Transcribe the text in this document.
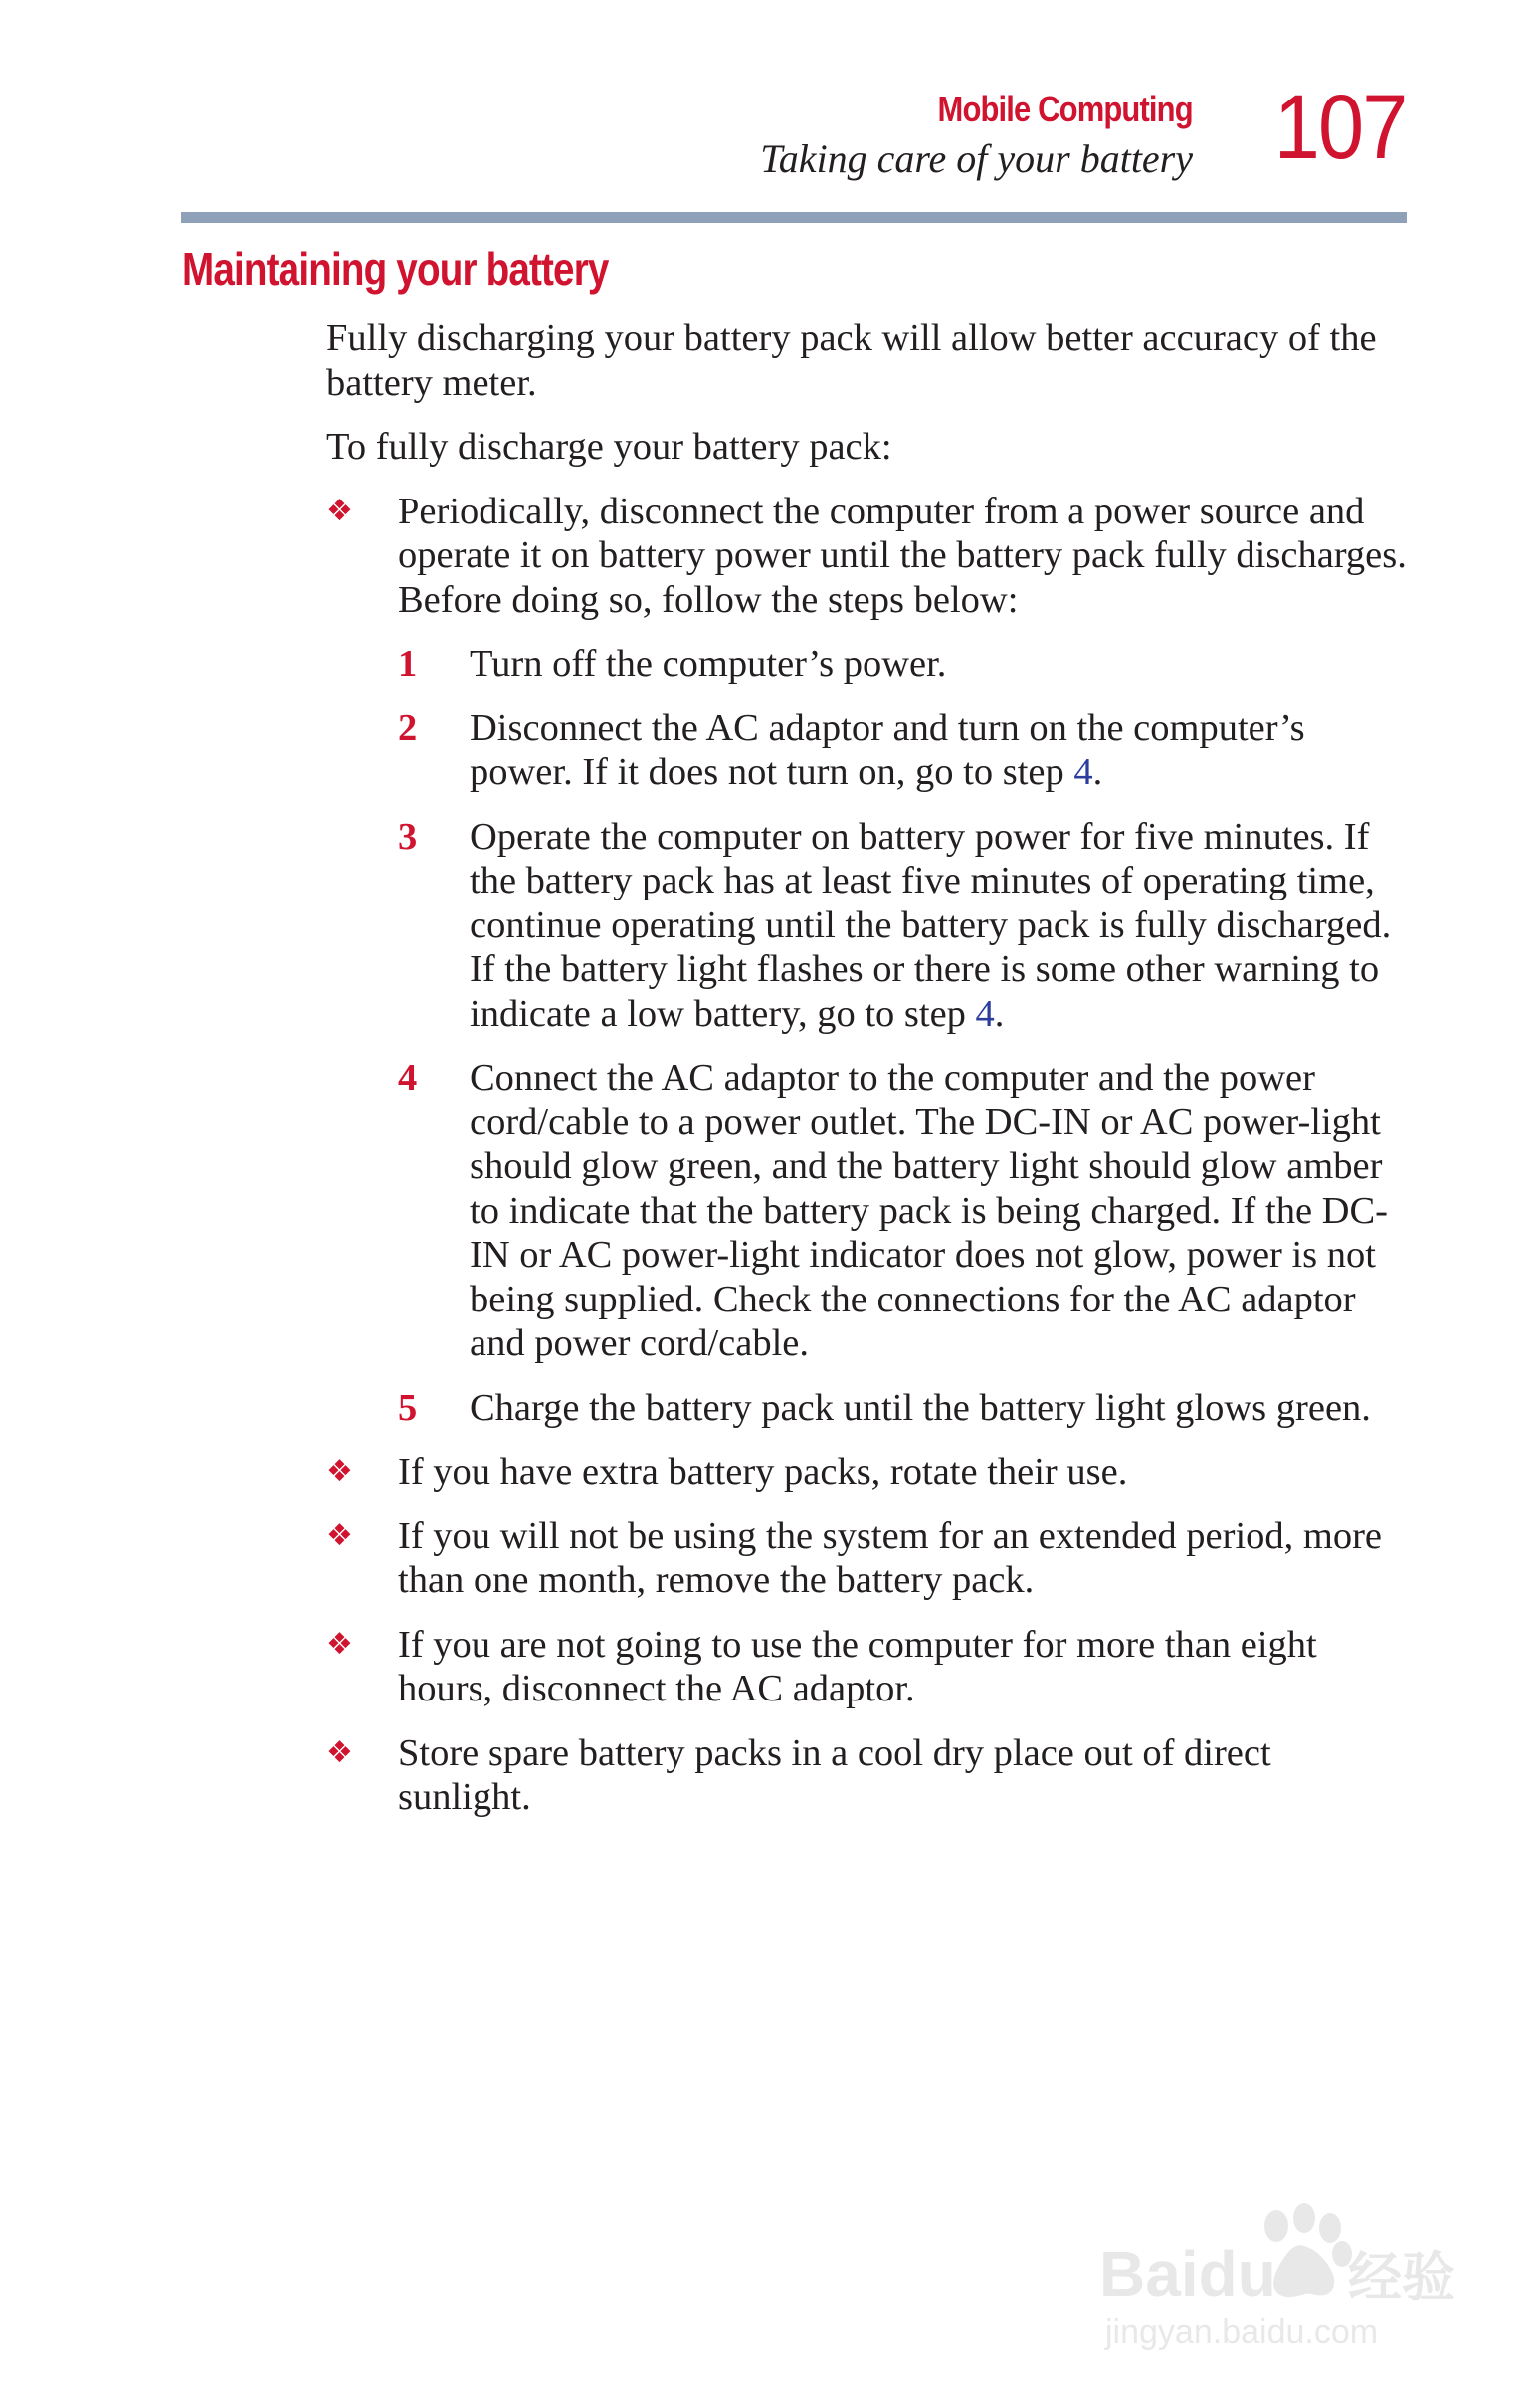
Mobile Computing
Taking care of your battery 107
Maintaining your battery

Fully discharging your battery pack will allow better accuracy of the battery meter.

To fully discharge your battery pack:

❖ Periodically, disconnect the computer from a power source and operate it on battery power until the battery pack fully discharges. Before doing so, follow the steps below:
1 Turn off the computer’s power.
2 Disconnect the AC adaptor and turn on the computer’s power. If it does not turn on, go to step 4.
3 Operate the computer on battery power for five minutes. If the battery pack has at least five minutes of operating time, continue operating until the battery pack is fully discharged. If the battery light flashes or there is some other warning to indicate a low battery, go to step 4.
4 Connect the AC adaptor to the computer and the power cord/cable to a power outlet. The DC-IN or AC power-light should glow green, and the battery light should glow amber to indicate that the battery pack is being charged. If the DC-IN or AC power-light indicator does not glow, power is not being supplied. Check the connections for the AC adaptor and power cord/cable.
5 Charge the battery pack until the battery light glows green.
❖ If you have extra battery packs, rotate their use.
❖ If you will not be using the system for an extended period, more than one month, remove the battery pack.
❖ If you are not going to use the computer for more than eight hours, disconnect the AC adaptor.
❖ Store spare battery packs in a cool dry place out of direct sunlight.
Baidu 经验
jingyan.baidu.com
